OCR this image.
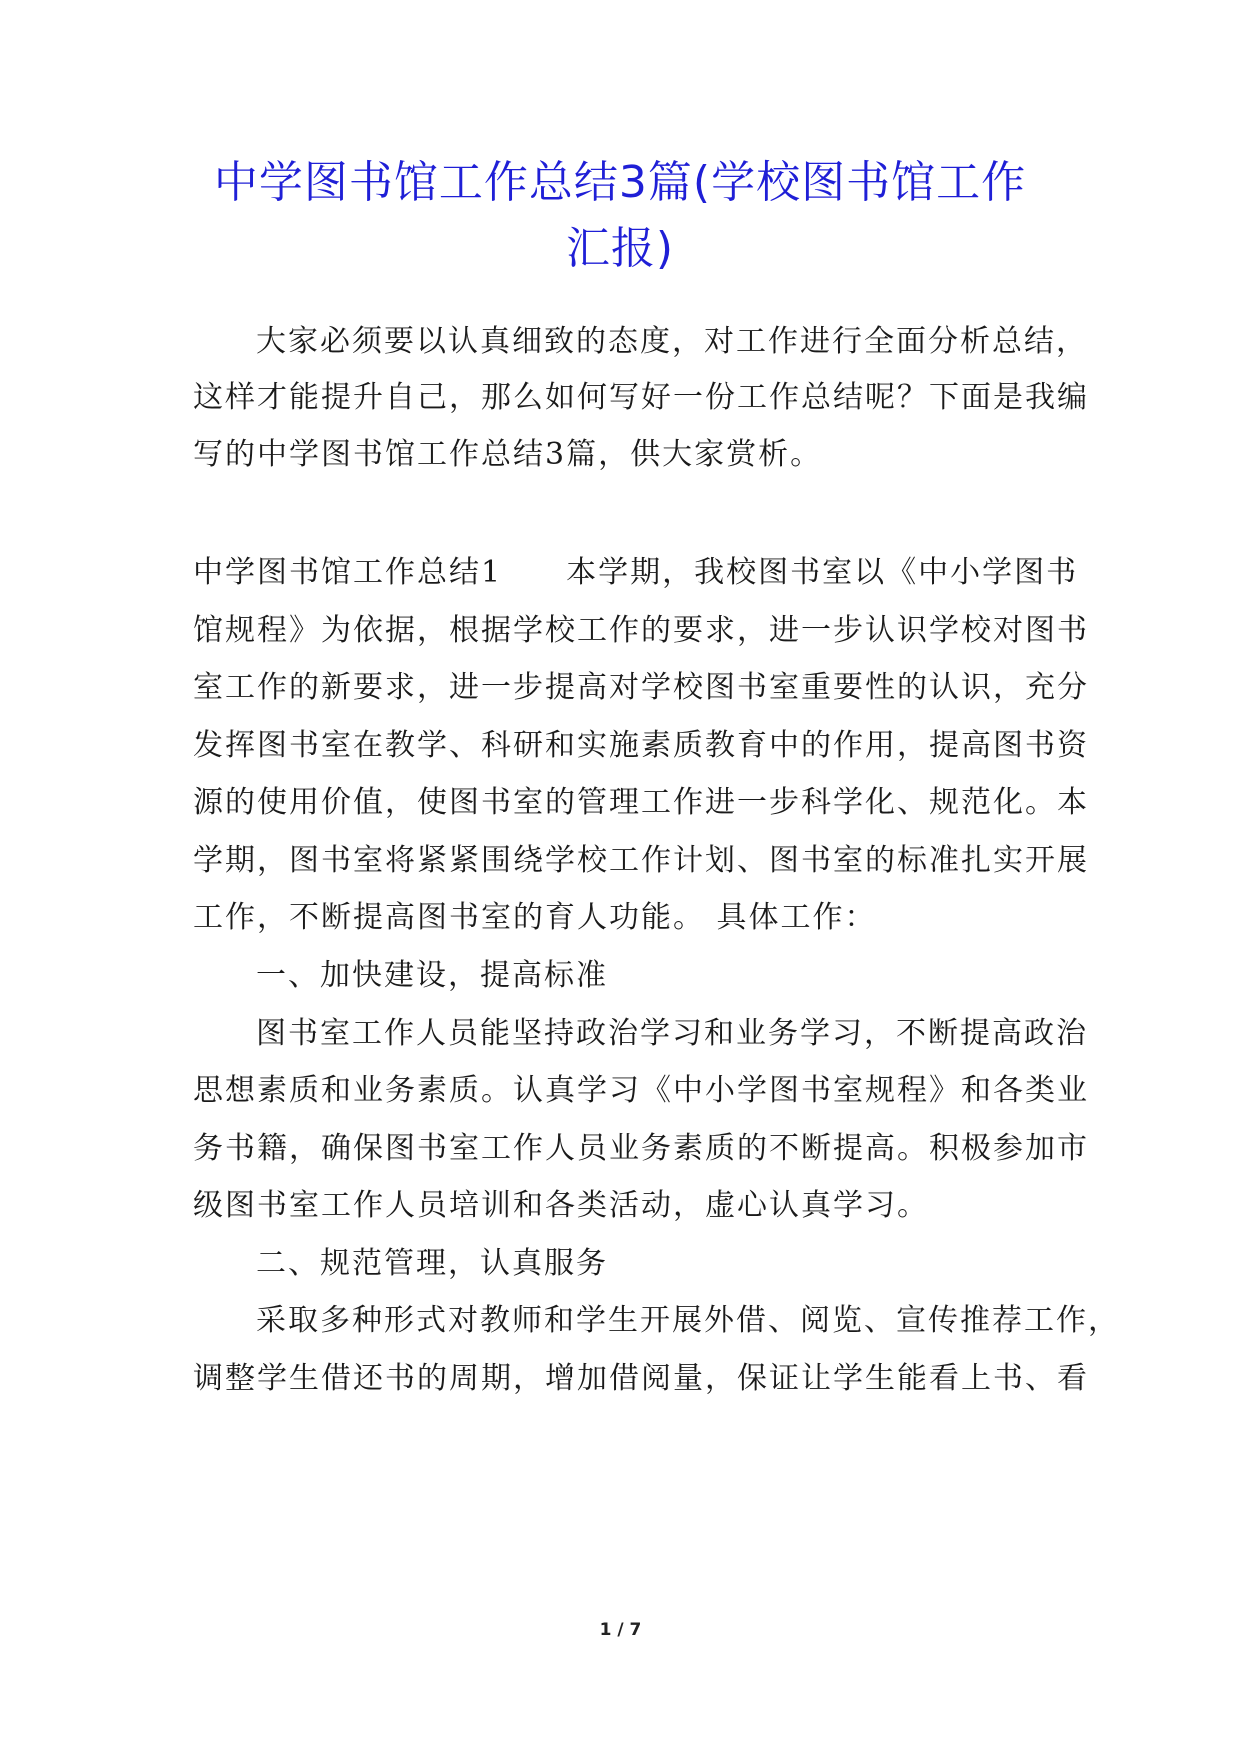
中学图书馆工作总结3篇(学校图书馆工作
汇报)

大家必须要以认真细致的态度，对工作进行全面分析总结，

这样才能提升自己，那么如何写好一份工作总结呢？下面是我编

写的中学图书馆工作总结3篇，供大家赏析。

中学图书馆工作总结1　　本学期，我校图书室以《中小学图书

馆规程》为依据，根据学校工作的要求，进一步认识学校对图书

室工作的新要求，进一步提高对学校图书室重要性的认识，充分

发挥图书室在教学、科研和实施素质教育中的作用，提高图书资

源的使用价值，使图书室的管理工作进一步科学化、规范化。本

学期，图书室将紧紧围绕学校工作计划、图书室的标准扎实开展

工作，不断提高图书室的育人功能。 具体工作：

一、加快建设，提高标准

图书室工作人员能坚持政治学习和业务学习，不断提高政治

思想素质和业务素质。认真学习《中小学图书室规程》和各类业

务书籍，确保图书室工作人员业务素质的不断提高。积极参加市

级图书室工作人员培训和各类活动，虚心认真学习。

二、规范管理，认真服务

采取多种形式对教师和学生开展外借、阅览、宣传推荐工作，

调整学生借还书的周期，增加借阅量，保证让学生能看上书、看

1 / 7
